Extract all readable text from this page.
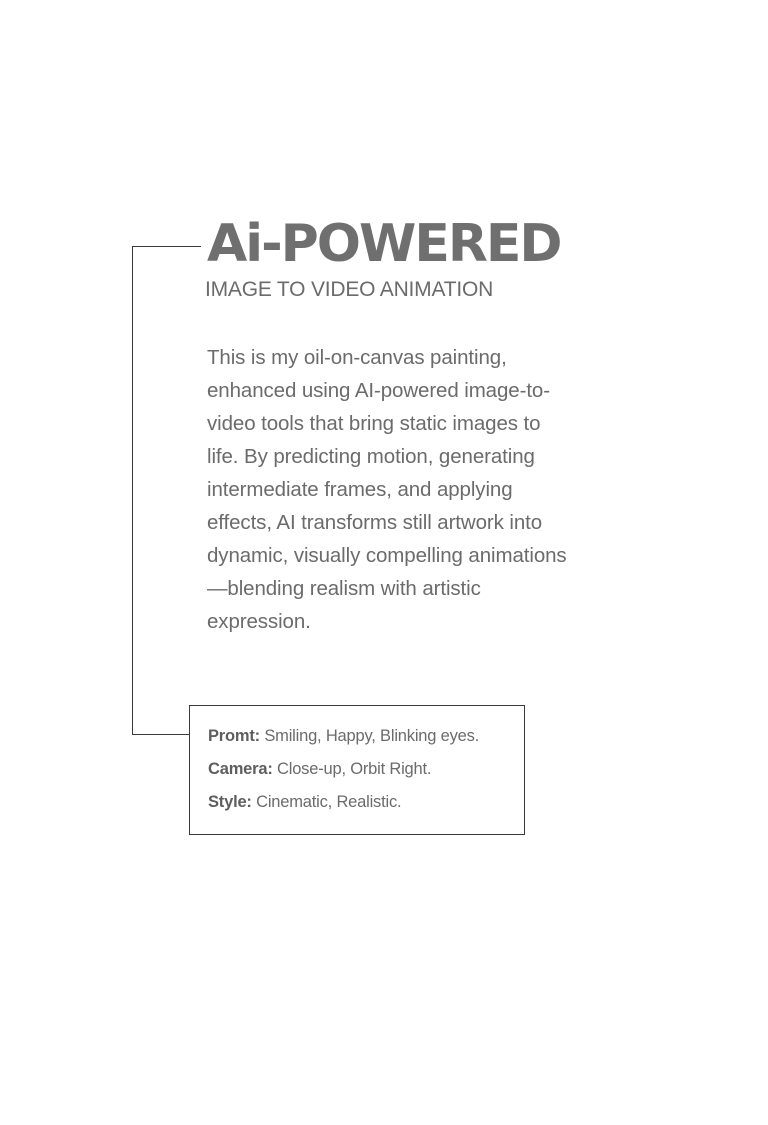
Ai-POWERED

IMAGE TO VIDEO ANIMATION

This is my oil-on-canvas painting, enhanced using AI-powered image-to-video tools that bring static images to life. By predicting motion, generating intermediate frames, and applying effects, AI transforms still artwork into dynamic, visually compelling animations—blending realism with artistic expression.

Promt: Smiling, Happy, Blinking eyes.

Camera: Close-up, Orbit Right.

Style: Cinematic, Realistic.
